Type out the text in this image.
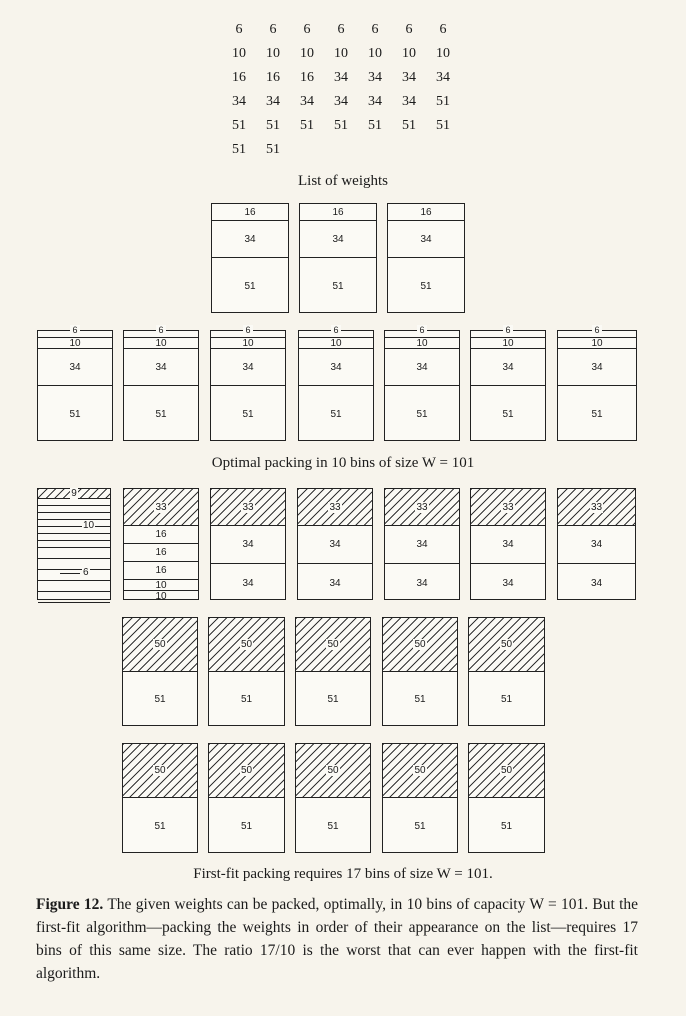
6	6	6	6	6	6	6
10	10	10	10	10	10	10
16	16	16	34	34	34	34
34	34	34	34	34	34	51
51	51	51	51	51	51	51
51	51
List of weights
16
34
51
16
34
51
16
34
51
6
10
34
51
6
10
34
51
6
10
34
51
6
10
34
51
6
10
34
51
6
10
34
51
6
10
34
51
Optimal packing in 10 bins of size W = 101
9
10
6
33
16
16
16
10
10
33
34
34
33
34
34
33
34
34
33
34
34
33
34
34
50
51
50
51
50
51
50
51
50
51
50
51
50
51
50
51
50
51
50
51
First-fit packing requires 17 bins of size W = 101.
Figure 12. The given weights can be packed, optimally, in 10 bins of capacity W = 101. But the first-fit algorithm—packing the weights in order of their appearance on the list—requires 17 bins of this same size. The ratio 17/10 is the worst that can ever happen with the first-fit algorithm.
